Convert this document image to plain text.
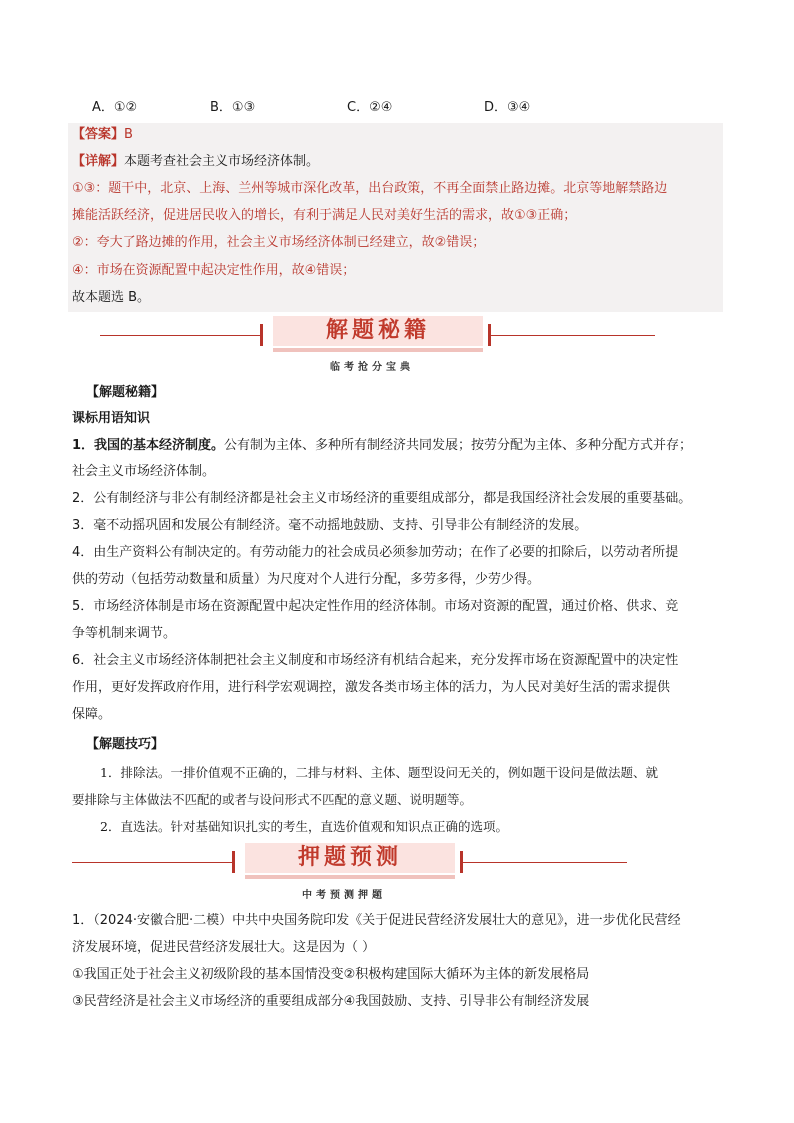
A．①②	B．①③	C．②④	D．③④
【答案】B
【详解】本题考查社会主义市场经济体制。
①③：题干中，北京、上海、兰州等城市深化改革，出台政策，不再全面禁止路边摊。北京等地解禁路边
摊能活跃经济，促进居民收入的增长，有利于满足人民对美好生活的需求，故①③正确；
②：夸大了路边摊的作用，社会主义市场经济体制已经建立，故②错误；
④：市场在资源配置中起决定性作用，故④错误；
故本题选 B。
解题秘籍
临考抢分宝典
【解题秘籍】
课标用语知识
1．我国的基本经济制度。公有制为主体、多种所有制经济共同发展；按劳分配为主体、多种分配方式并存；
社会主义市场经济体制。
2．公有制经济与非公有制经济都是社会主义市场经济的重要组成部分，都是我国经济社会发展的重要基础。
3．毫不动摇巩固和发展公有制经济。毫不动摇地鼓励、支持、引导非公有制经济的发展。
4．由生产资料公有制决定的。有劳动能力的社会成员必须参加劳动；在作了必要的扣除后，以劳动者所提
供的劳动（包括劳动数量和质量）为尺度对个人进行分配，多劳多得，少劳少得。
5．市场经济体制是市场在资源配置中起决定性作用的经济体制。市场对资源的配置，通过价格、供求、竞
争等机制来调节。
6．社会主义市场经济体制把社会主义制度和市场经济有机结合起来，充分发挥市场在资源配置中的决定性
作用，更好发挥政府作用，进行科学宏观调控，激发各类市场主体的活力，为人民对美好生活的需求提供
保障。
【解题技巧】
1．排除法。一排价值观不正确的，二排与材料、主体、题型设问无关的，例如题干设问是做法题、就
要排除与主体做法不匹配的或者与设问形式不匹配的意义题、说明题等。
2．直选法。针对基础知识扎实的考生，直选价值观和知识点正确的选项。
押题预测
中考预测押题
1．（2024·安徽合肥·二模）中共中央国务院印发《关于促进民营经济发展壮大的意见》，进一步优化民营经
济发展环境，促进民营经济发展壮大。这是因为（ ）
①我国正处于社会主义初级阶段的基本国情没变②积极构建国际大循环为主体的新发展格局
③民营经济是社会主义市场经济的重要组成部分④我国鼓励、支持、引导非公有制经济发展
